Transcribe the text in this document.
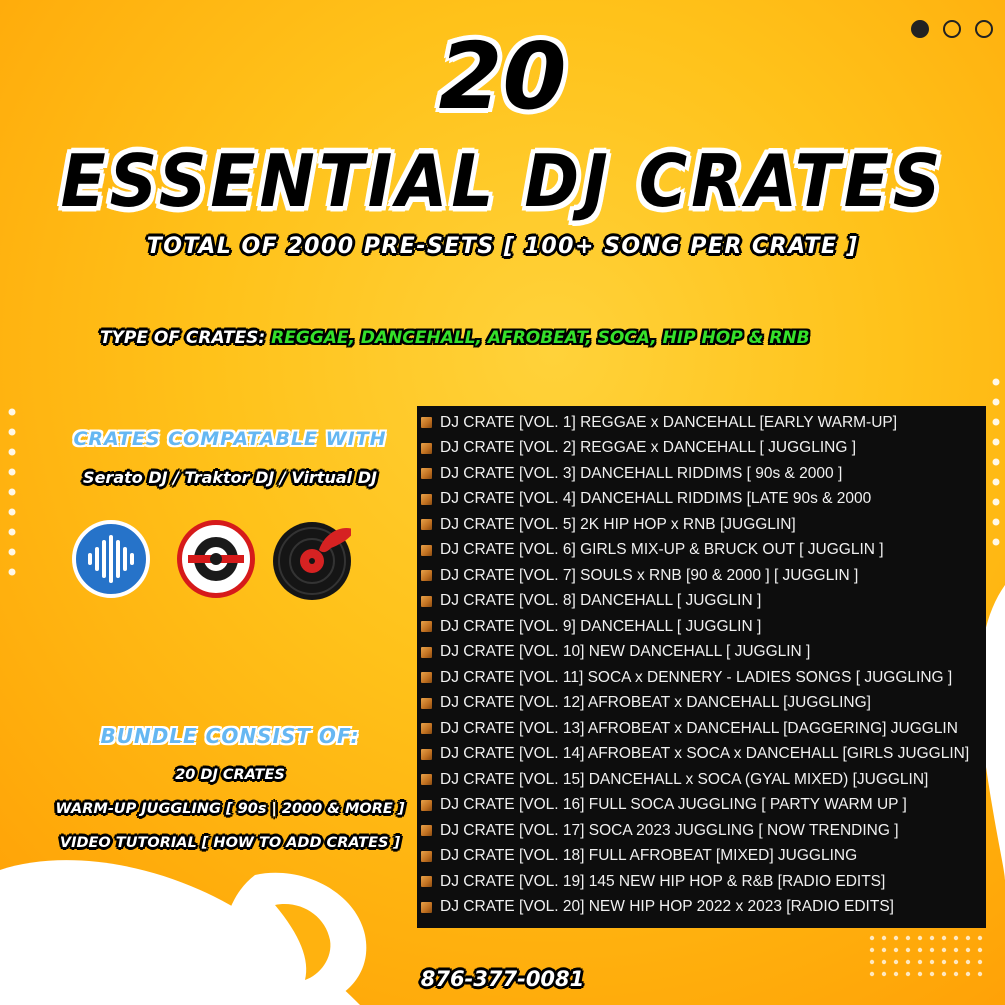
20
ESSENTIAL DJ CRATES
TOTAL OF 2000 PRE-SETS [ 100+ SONG PER CRATE ]
TYPE OF CRATES: REGGAE, DANCEHALL, AFROBEAT, SOCA, HIP HOP & RNB
CRATES COMPATABLE WITH
Serato DJ / Traktor DJ / Virtual DJ
BUNDLE CONSIST OF:
20 DJ CRATES
WARM-UP JUGGLING [ 90s | 2000 & MORE ]
VIDEO TUTORIAL [ HOW TO ADD CRATES ]
DJ CRATE [VOL. 1] REGGAE x DANCEHALL [EARLY WARM-UP]
DJ CRATE [VOL. 2] REGGAE x DANCEHALL [ JUGGLING ]
DJ CRATE [VOL. 3] DANCEHALL RIDDIMS [ 90s & 2000 ]
DJ CRATE [VOL. 4] DANCEHALL RIDDIMS [LATE 90s & 2000
DJ CRATE [VOL. 5] 2K HIP HOP x RNB [JUGGLIN]
DJ CRATE [VOL. 6] GIRLS MIX-UP & BRUCK OUT [ JUGGLIN ]
DJ CRATE [VOL. 7] SOULS x RNB [90 & 2000 ] [ JUGGLIN ]
DJ CRATE [VOL. 8] DANCEHALL [ JUGGLIN ]
DJ CRATE [VOL. 9] DANCEHALL [ JUGGLIN ]
DJ CRATE [VOL. 10] NEW DANCEHALL [ JUGGLIN ]
DJ CRATE [VOL. 11] SOCA x DENNERY - LADIES SONGS [ JUGGLING ]
DJ CRATE [VOL. 12] AFROBEAT x DANCEHALL [JUGGLING]
DJ CRATE [VOL. 13] AFROBEAT x DANCEHALL [DAGGERING] JUGGLIN
DJ CRATE [VOL. 14] AFROBEAT x SOCA x DANCEHALL [GIRLS JUGGLIN]
DJ CRATE [VOL. 15] DANCEHALL x SOCA (GYAL MIXED) [JUGGLIN]
DJ CRATE [VOL. 16] FULL SOCA JUGGLING [ PARTY WARM UP ]
DJ CRATE [VOL. 17] SOCA 2023 JUGGLING [ NOW TRENDING ]
DJ CRATE [VOL. 18] FULL AFROBEAT [MIXED] JUGGLING
DJ CRATE [VOL. 19] 145 NEW HIP HOP & R&B [RADIO EDITS]
DJ CRATE [VOL. 20] NEW HIP HOP 2022 x 2023 [RADIO EDITS]
876-377-0081
